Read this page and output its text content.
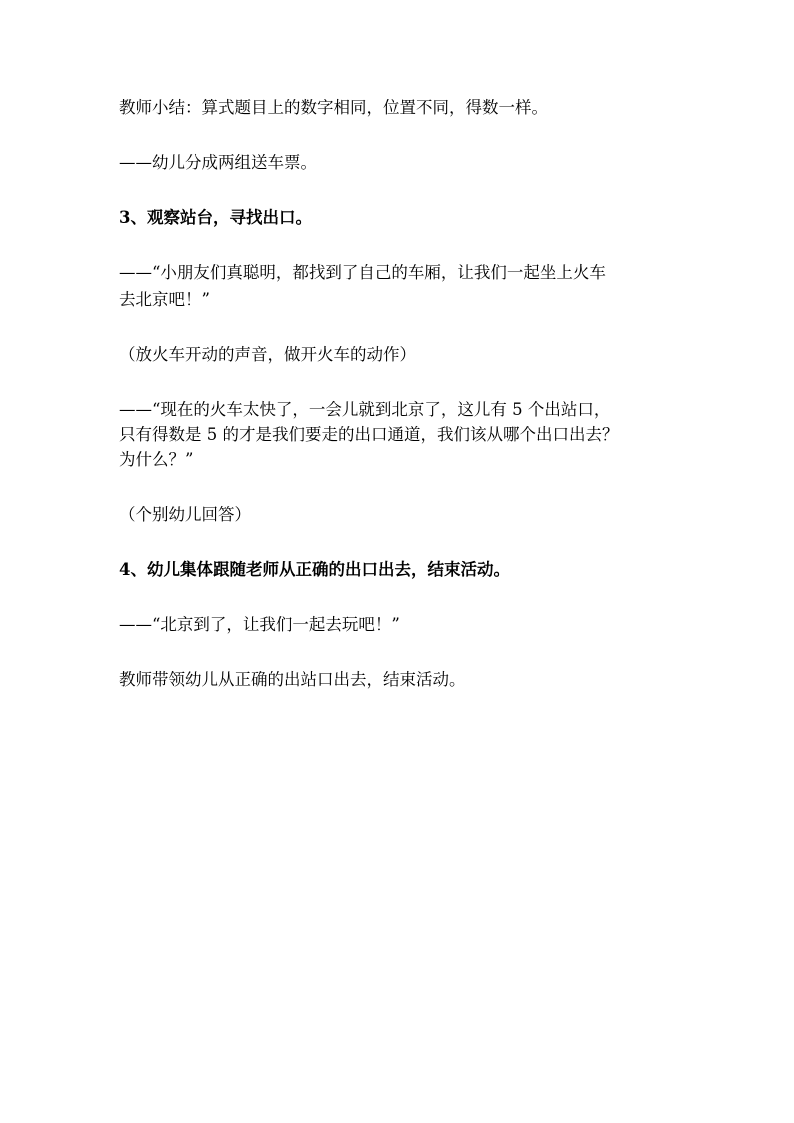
教师小结：算式题目上的数字相同，位置不同，得数一样。

——幼儿分成两组送车票。

3、观察站台，寻找出口。

——“小朋友们真聪明，都找到了自己的车厢，让我们一起坐上火车

去北京吧！”

（放火车开动的声音，做开火车的动作）

——“现在的火车太快了，一会儿就到北京了，这儿有 5 个出站口，

只有得数是 5 的才是我们要走的出口通道，我们该从哪个出口出去？

为什么？”

（个别幼儿回答）

4、幼儿集体跟随老师从正确的出口出去，结束活动。

——“北京到了，让我们一起去玩吧！”

教师带领幼儿从正确的出站口出去，结束活动。
